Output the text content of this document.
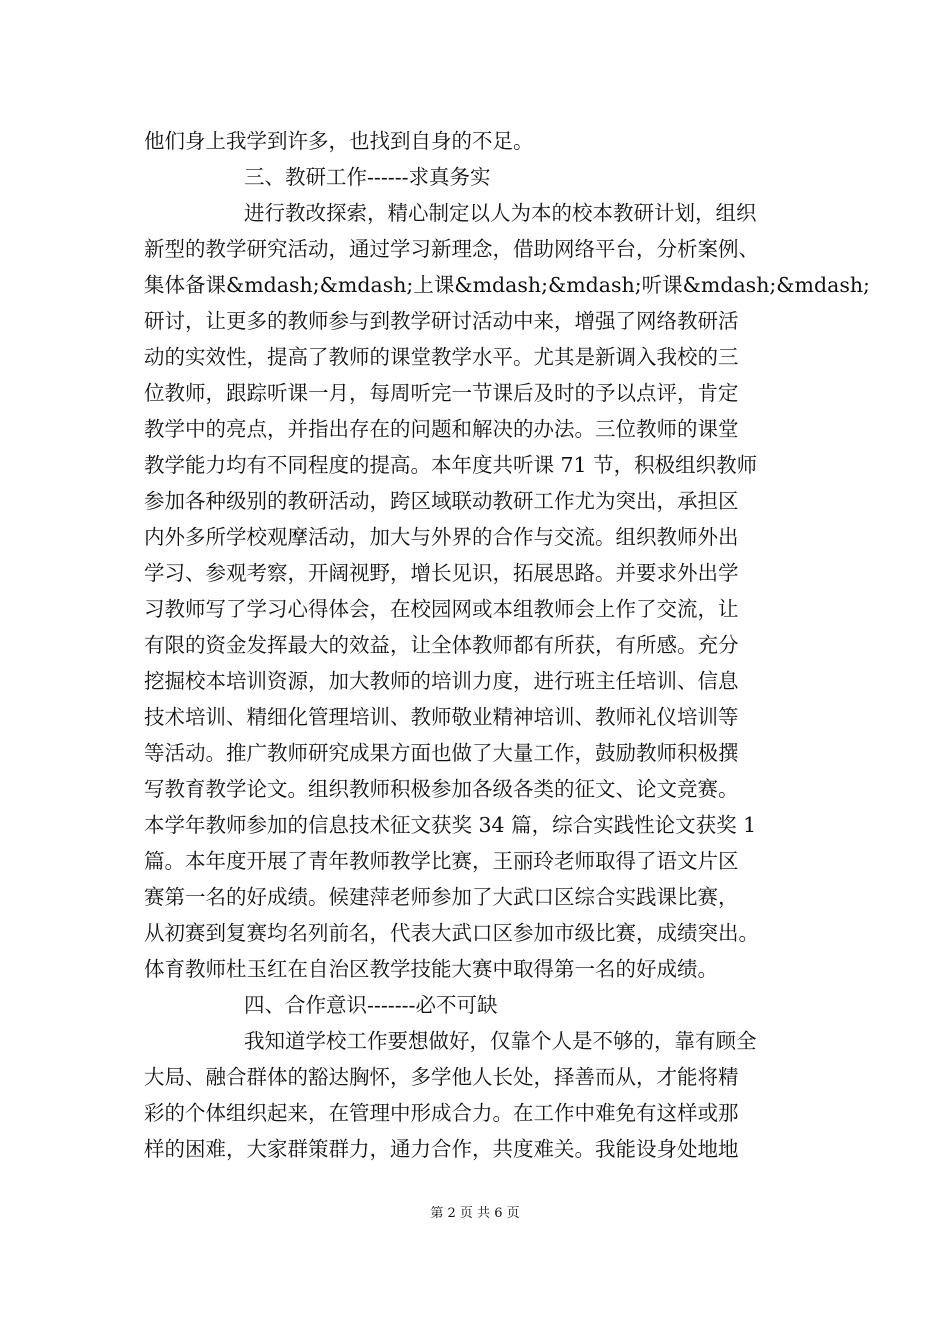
他们身上我学到许多，也找到自身的不足。
三、教研工作------求真务实
进行教改探索，精心制定以人为本的校本教研计划，组织
新型的教学研究活动，通过学习新理念，借助网络平台，分析案例、
集体备课&mdash;&mdash;上课&mdash;&mdash;听课&mdash;&mdash;
研讨，让更多的教师参与到教学研讨活动中来，增强了网络教研活
动的实效性，提高了教师的课堂教学水平。尤其是新调入我校的三
位教师，跟踪听课一月，每周听完一节课后及时的予以点评，肯定
教学中的亮点，并指出存在的问题和解决的办法。三位教师的课堂
教学能力均有不同程度的提高。本年度共听课 71 节，积极组织教师
参加各种级别的教研活动，跨区域联动教研工作尤为突出，承担区
内外多所学校观摩活动，加大与外界的合作与交流。组织教师外出
学习、参观考察，开阔视野，增长见识，拓展思路。并要求外出学
习教师写了学习心得体会，在校园网或本组教师会上作了交流，让
有限的资金发挥最大的效益，让全体教师都有所获，有所感。充分
挖掘校本培训资源，加大教师的培训力度，进行班主任培训、信息
技术培训、精细化管理培训、教师敬业精神培训、教师礼仪培训等
等活动。推广教师研究成果方面也做了大量工作，鼓励教师积极撰
写教育教学论文。组织教师积极参加各级各类的征文、论文竞赛。
本学年教师参加的信息技术征文获奖 34 篇，综合实践性论文获奖 1
篇。本年度开展了青年教师教学比赛，王丽玲老师取得了语文片区
赛第一名的好成绩。候建萍老师参加了大武口区综合实践课比赛，
从初赛到复赛均名列前名，代表大武口区参加市级比赛，成绩突出。
体育教师杜玉红在自治区教学技能大赛中取得第一名的好成绩。
四、合作意识-------必不可缺
我知道学校工作要想做好，仅靠个人是不够的，靠有顾全
大局、融合群体的豁达胸怀，多学他人长处，择善而从，才能将精
彩的个体组织起来，在管理中形成合力。在工作中难免有这样或那
样的困难，大家群策群力，通力合作，共度难关。我能设身处地地
第 2 页 共 6 页
